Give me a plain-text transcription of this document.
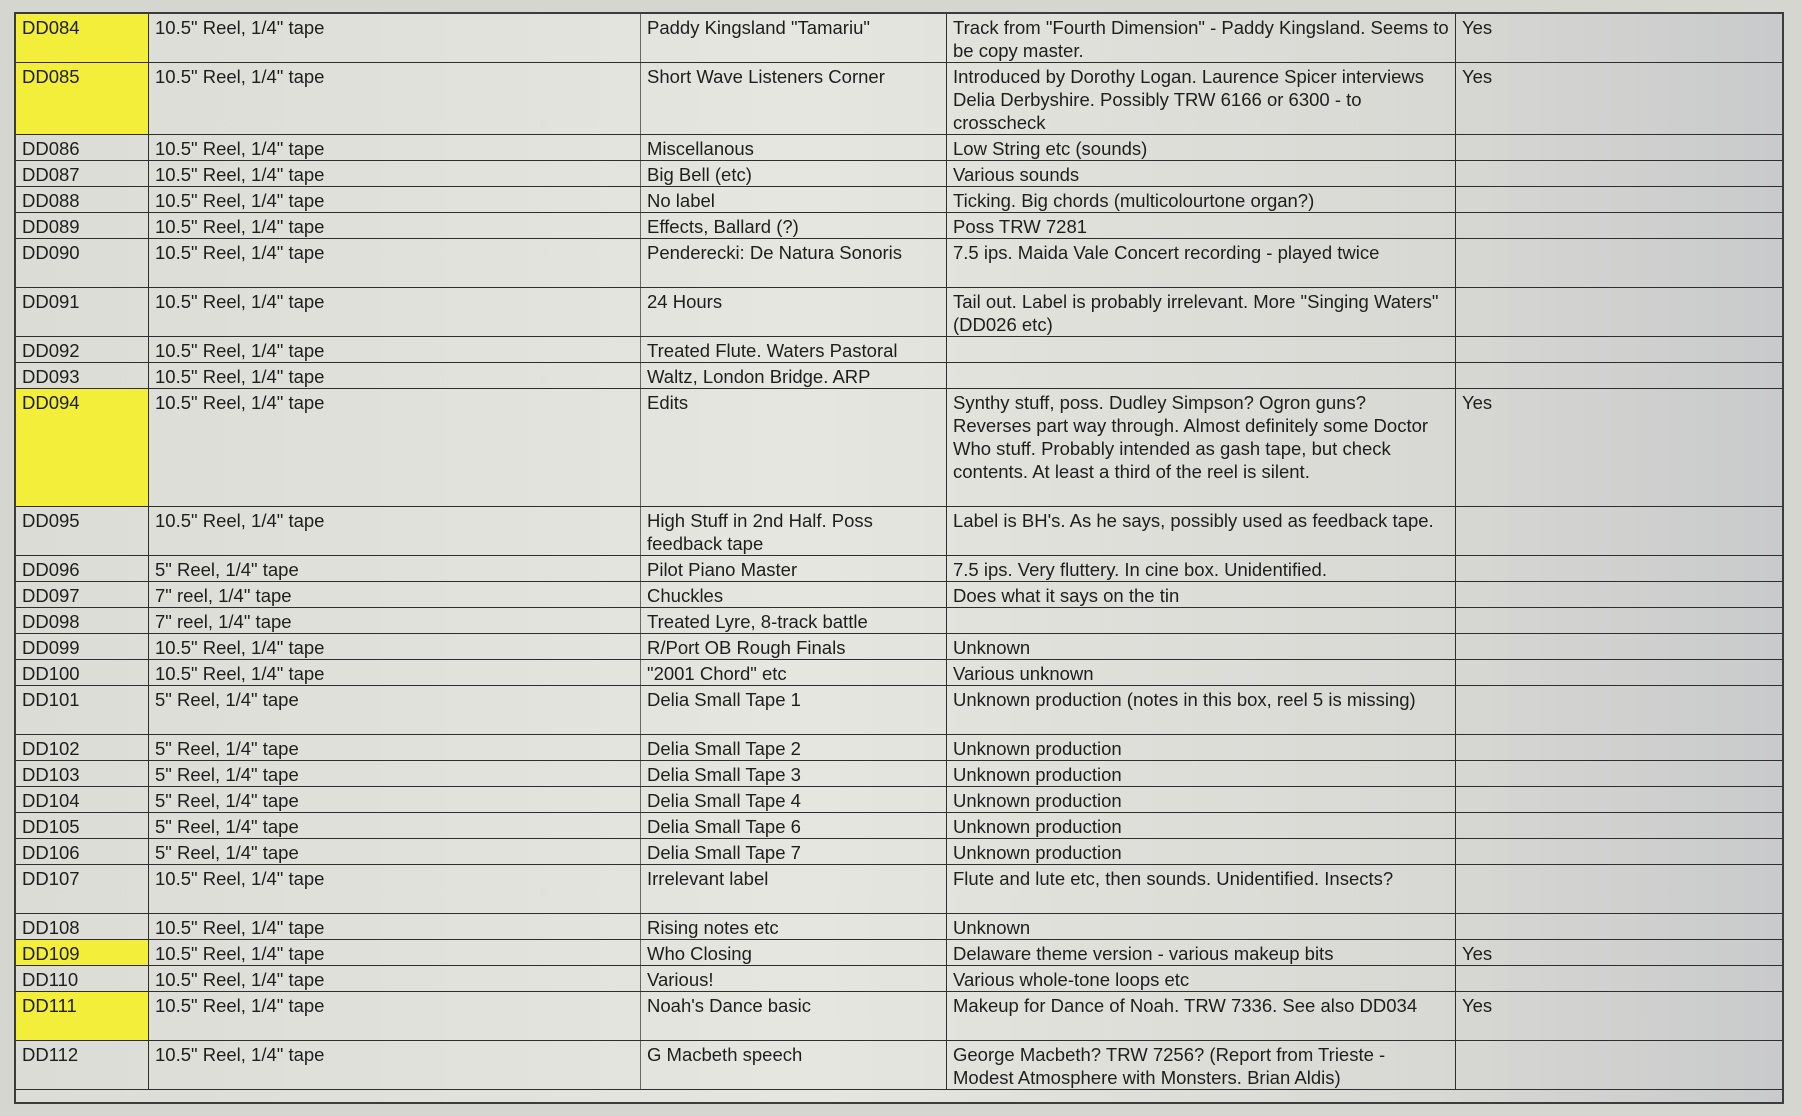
DD084	10.5" Reel, 1/4" tape	Paddy Kingsland "Tamariu"	Track from "Fourth Dimension" - Paddy Kingsland. Seems to be copy master.	Yes
DD085	10.5" Reel, 1/4" tape	Short Wave Listeners Corner	Introduced by Dorothy Logan. Laurence Spicer interviews Delia Derbyshire. Possibly TRW 6166 or 6300 - to crosscheck	Yes
DD086	10.5" Reel, 1/4" tape	Miscellanous	Low String etc (sounds)	
DD087	10.5" Reel, 1/4" tape	Big Bell (etc)	Various sounds	
DD088	10.5" Reel, 1/4" tape	No label	Ticking. Big chords (multicolourtone organ?)	
DD089	10.5" Reel, 1/4" tape	Effects, Ballard (?)	Poss TRW 7281	
DD090	10.5" Reel, 1/4" tape	Penderecki: De Natura Sonoris	7.5 ips. Maida Vale Concert recording - played twice	
DD091	10.5" Reel, 1/4" tape	24 Hours	Tail out. Label is probably irrelevant. More "Singing Waters" (DD026 etc)	
DD092	10.5" Reel, 1/4" tape	Treated Flute. Waters Pastoral		
DD093	10.5" Reel, 1/4" tape	Waltz, London Bridge. ARP		
DD094	10.5" Reel, 1/4" tape	Edits	Synthy stuff, poss. Dudley Simpson? Ogron guns? Reverses part way through. Almost definitely some Doctor Who stuff. Probably intended as gash tape, but check contents. At least a third of the reel is silent.	Yes
DD095	10.5" Reel, 1/4" tape	High Stuff in 2nd Half. Poss feedback tape	Label is BH's. As he says, possibly used as feedback tape.	
DD096	5" Reel, 1/4" tape	Pilot Piano Master	7.5 ips. Very fluttery. In cine box. Unidentified.	
DD097	7" reel, 1/4" tape	Chuckles	Does what it says on the tin	
DD098	7" reel, 1/4" tape	Treated Lyre, 8-track battle		
DD099	10.5" Reel, 1/4" tape	R/Port OB Rough Finals	Unknown	
DD100	10.5" Reel, 1/4" tape	"2001 Chord" etc	Various unknown	
DD101	5" Reel, 1/4" tape	Delia Small Tape 1	Unknown production (notes in this box, reel 5 is missing)	
DD102	5" Reel, 1/4" tape	Delia Small Tape 2	Unknown production	
DD103	5" Reel, 1/4" tape	Delia Small Tape 3	Unknown production	
DD104	5" Reel, 1/4" tape	Delia Small Tape 4	Unknown production	
DD105	5" Reel, 1/4" tape	Delia Small Tape 6	Unknown production	
DD106	5" Reel, 1/4" tape	Delia Small Tape 7	Unknown production	
DD107	10.5" Reel, 1/4" tape	Irrelevant label	Flute and lute etc, then sounds. Unidentified. Insects?	
DD108	10.5" Reel, 1/4" tape	Rising notes etc	Unknown	
DD109	10.5" Reel, 1/4" tape	Who Closing	Delaware theme version - various makeup bits	Yes
DD110	10.5" Reel, 1/4" tape	Various!	Various whole-tone loops etc	
DD111	10.5" Reel, 1/4" tape	Noah's Dance basic	Makeup for Dance of Noah. TRW 7336. See also DD034	Yes
DD112	10.5" Reel, 1/4" tape	G Macbeth speech	George Macbeth? TRW 7256? (Report from Trieste - Modest Atmosphere with Monsters. Brian Aldis)	
